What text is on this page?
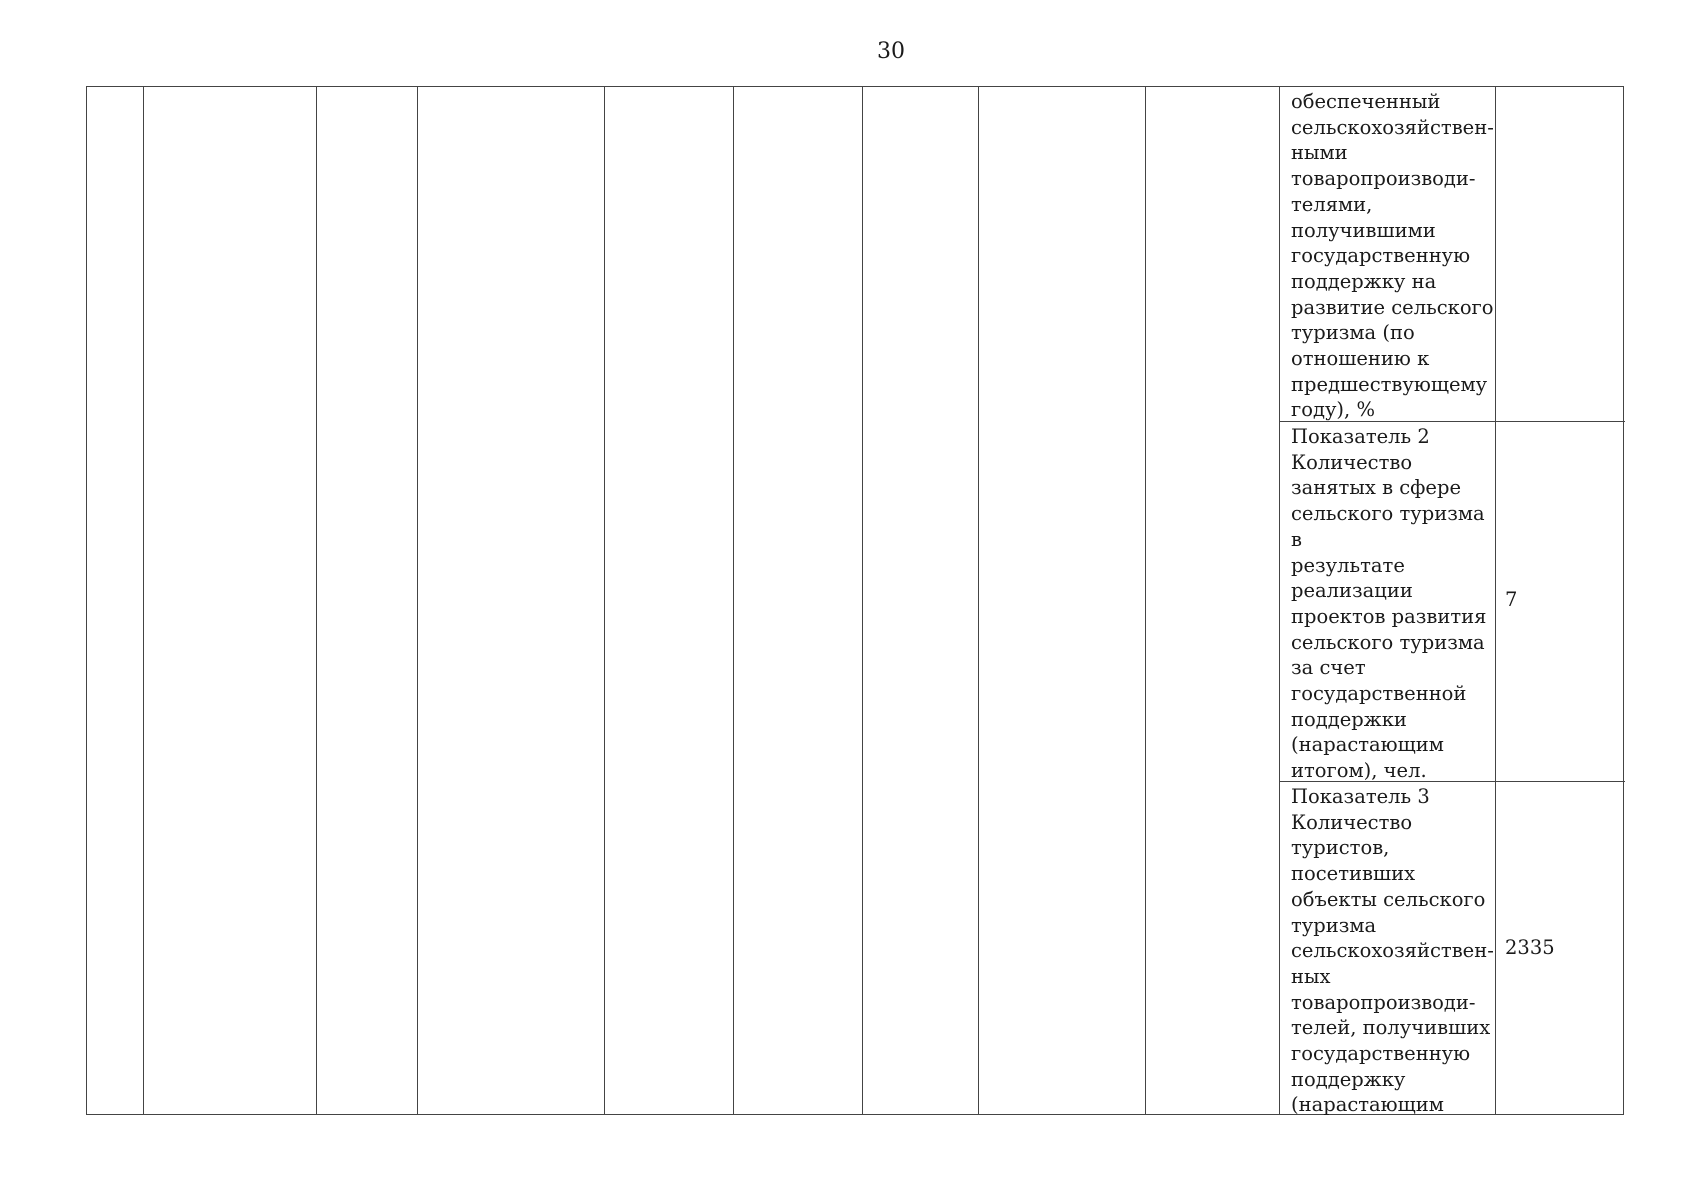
30
обеспеченный
сельскохозяйствен-
ными
товаропроизводи-
телями,
получившими
государственную
поддержку на
развитие сельского
туризма (по
отношению к
предшествующему
году), %
Показатель 2
Количество
занятых в сфере
сельского туризма в
результате
реализации
проектов развития
сельского туризма
за счет
государственной
поддержки
(нарастающим
итогом), чел.
7
Показатель 3
Количество
туристов,
посетивших
объекты сельского
туризма
сельскохозяйствен-
ных
товаропроизводи-
телей, получивших
государственную
поддержку
(нарастающим
2335
